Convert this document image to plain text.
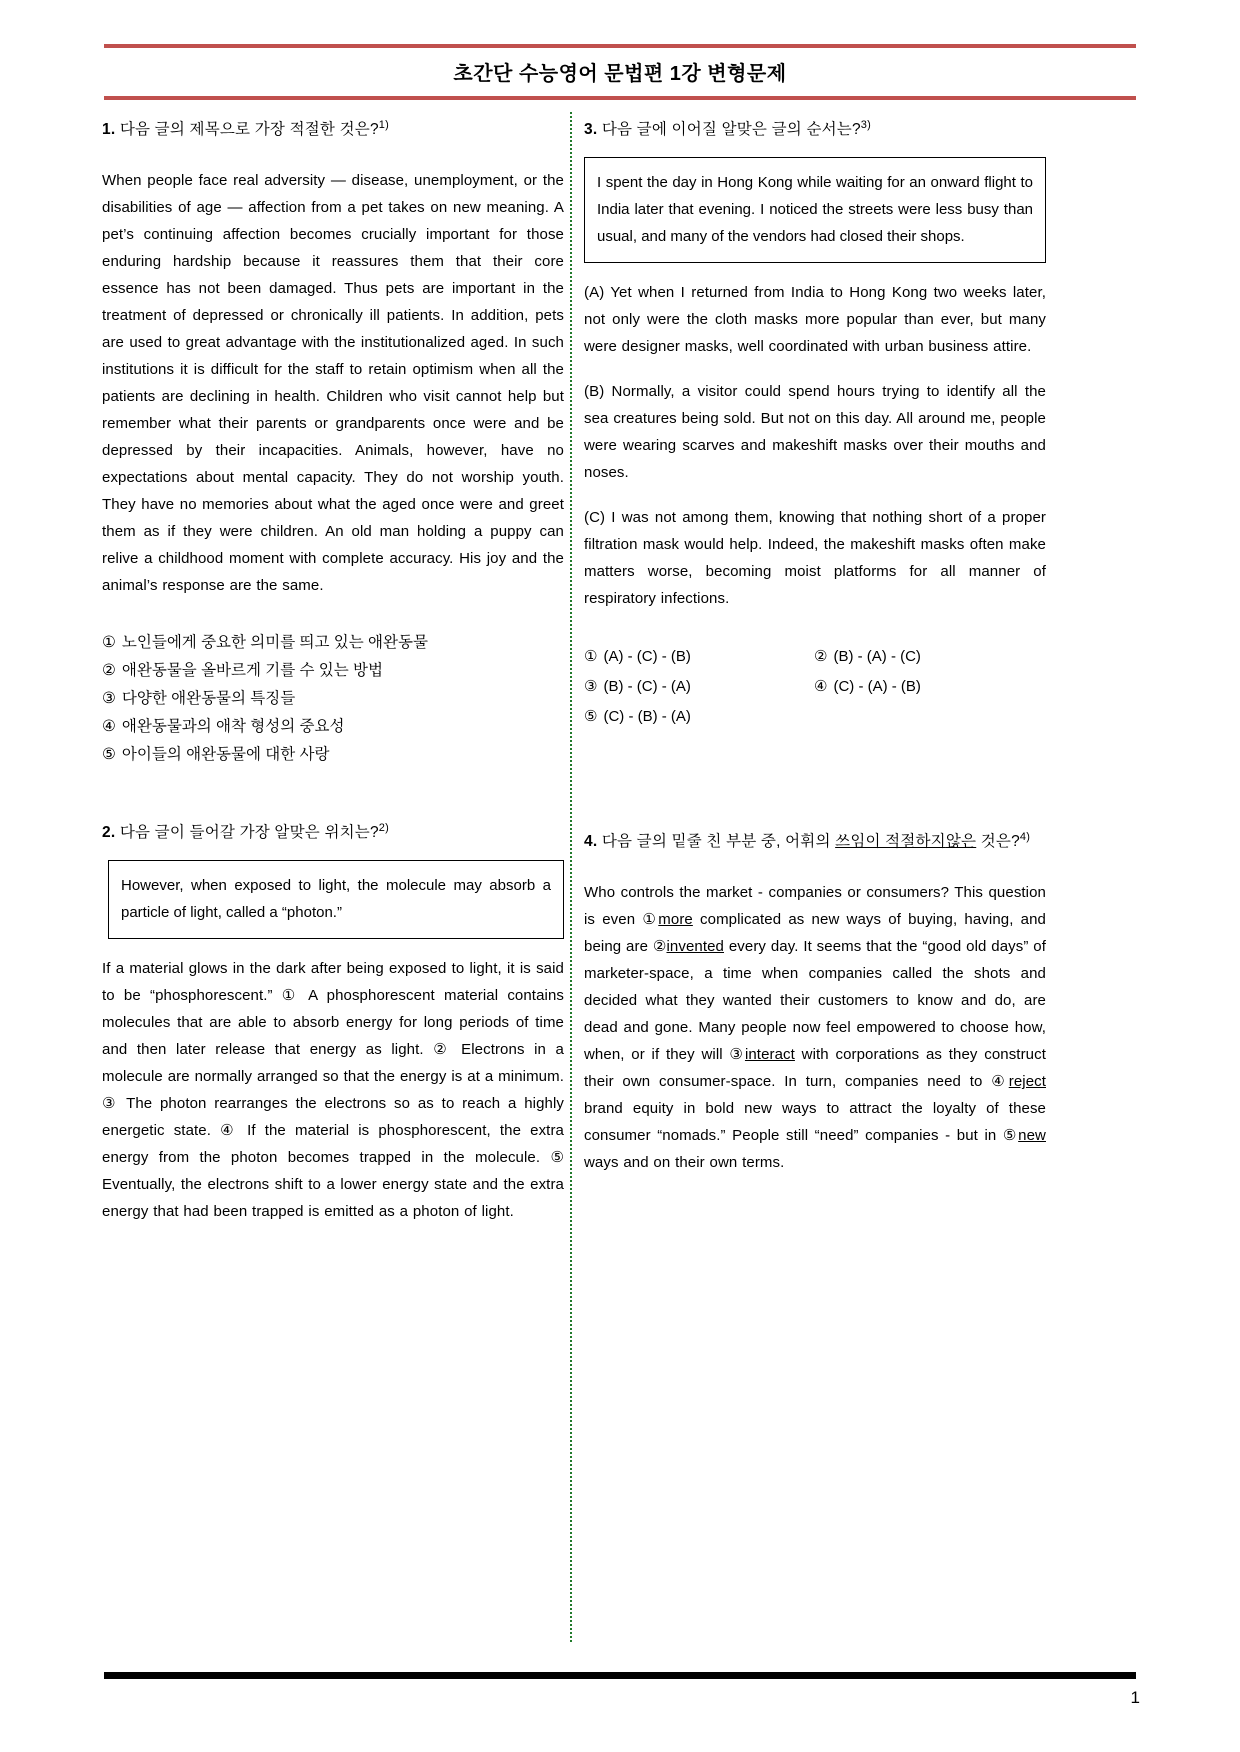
초간단 수능영어 문법편 1강 변형문제

1. 다음 글의 제목으로 가장 적절한 것은?$^{1)}$

When people face real adversity — disease, unemployment, or the disabilities of age — affection from a pet takes on new meaning. A pet’s continuing affection becomes crucially important for those enduring hardship because it reassures them that their core essence has not been damaged. Thus pets are important in the treatment of depressed or chronically ill patients. In addition, pets are used to great advantage with the institutionalized aged. In such institutions it is difficult for the staff to retain optimism when all the patients are declining in health. Children who visit cannot help but remember what their parents or grandparents once were and be depressed by their incapacities. Animals, however, have no expectations about mental capacity. They do not worship youth. They have no memories about what the aged once were and greet them as if they were children. An old man holding a puppy can relive a childhood moment with complete accuracy. His joy and the animal’s response are the same.

① 노인들에게 중요한 의미를 띄고 있는 애완동물
② 애완동물을 올바르게 기를 수 있는 방법
③ 다양한 애완동물의 특징들
④ 애완동물과의 애착 형성의 중요성
⑤ 아이들의 애완동물에 대한 사랑

2. 다음 글이 들어갈 가장 알맞은 위치는?$^{2)}$

However, when exposed to light, the molecule may absorb a particle of light, called a “photon.”

If a material glows in the dark after being exposed to light, it is said to be “phosphorescent.” ① A phosphorescent material contains molecules that are able to absorb energy for long periods of time and then later release that energy as light. ② Electrons in a molecule are normally arranged so that the energy is at a minimum. ③ The photon rearranges the electrons so as to reach a highly energetic state. ④ If the material is phosphorescent, the extra energy from the photon becomes trapped in the molecule. ⑤ Eventually, the electrons shift to a lower energy state and the extra energy that had been trapped is emitted as a photon of light.

3. 다음 글에 이어질 알맞은 글의 순서는?$^{3)}$

I spent the day in Hong Kong while waiting for an onward flight to India later that evening. I noticed the streets were less busy than usual, and many of the vendors had closed their shops.

(A) Yet when I returned from India to Hong Kong two weeks later, not only were the cloth masks more popular than ever, but many were designer masks, well coordinated with urban business attire.

(B) Normally, a visitor could spend hours trying to identify all the sea creatures being sold. But not on this day. All around me, people were wearing scarves and makeshift masks over their mouths and noses.

(C) I was not among them, knowing that nothing short of a proper filtration mask would help. Indeed, the makeshift masks often make matters worse, becoming moist platforms for all manner of respiratory infections.

① (A) - (C) - (B)	② (B) - (A) - (C)
③ (B) - (C) - (A)	④ (C) - (A) - (B)
⑤ (C) - (B) - (A)

4. 다음 글의 밑줄 친 부분 중, 어휘의 쓰임이 적절하지않은 것은?$^{4)}$

Who controls the market - companies or consumers? This question is even ①more complicated as new ways of buying, having, and being are ②invented every day. It seems that the “good old days” of marketer-space, a time when companies called the shots and decided what they wanted their customers to know and do, are dead and gone. Many people now feel empowered to choose how, when, or if they will ③interact with corporations as they construct their own consumer-space. In turn, companies need to ④reject brand equity in bold new ways to attract the loyalty of these consumer “nomads.” People still “need” companies - but in ⑤new ways and on their own terms.

1
